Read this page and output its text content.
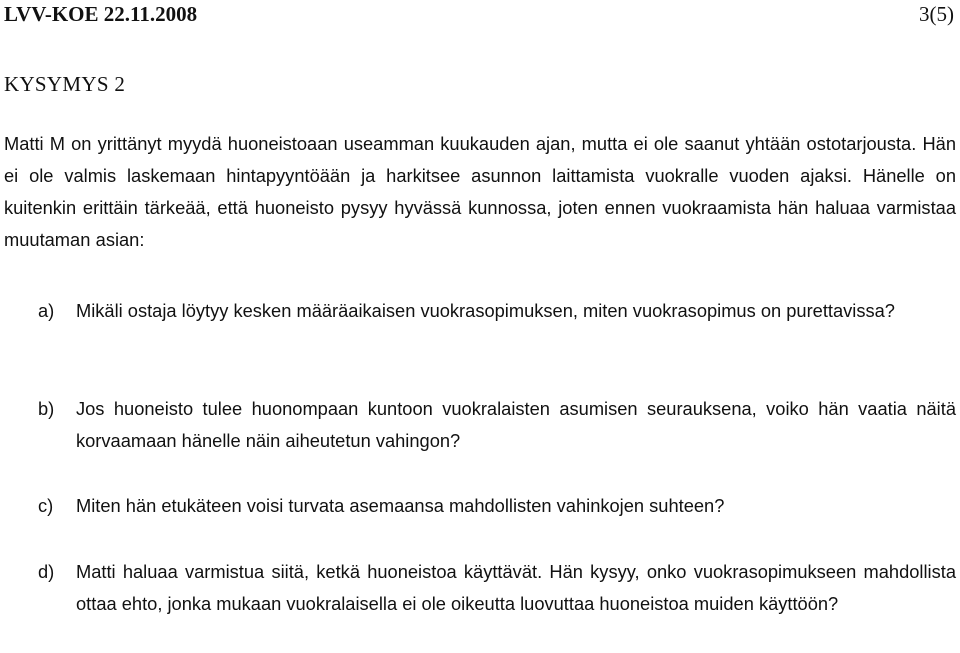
LVV-KOE 22.11.2008	3(5)
KYSYMYS 2

Matti M on yrittänyt myydä huoneistoaan useamman kuukauden ajan, mutta ei ole saanut yhtään ostotarjousta. Hän ei ole valmis laskemaan hintapyyntöään ja harkitsee asunnon laittamista vuokralle vuoden ajaksi. Hänelle on kuitenkin erittäin tärkeää, että huoneisto pysyy hyvässä kunnossa, joten ennen vuokraamista hän haluaa varmistaa muutaman asian:

a)	Mikäli ostaja löytyy kesken määräaikaisen vuokrasopimuksen, miten vuokrasopimus on purettavissa?
b)	Jos huoneisto tulee huonompaan kuntoon vuokralaisten asumisen seurauksena, voiko hän vaatia näitä korvaamaan hänelle näin aiheutetun vahingon?
c)	Miten hän etukäteen voisi turvata asemaansa mahdollisten vahinkojen suhteen?
d)	Matti haluaa varmistua siitä, ketkä huoneistoa käyttävät. Hän kysyy, onko vuokrasopimukseen mahdollista ottaa ehto, jonka mukaan vuokralaisella ei ole oikeutta luovuttaa huoneistoa muiden käyttöön?
